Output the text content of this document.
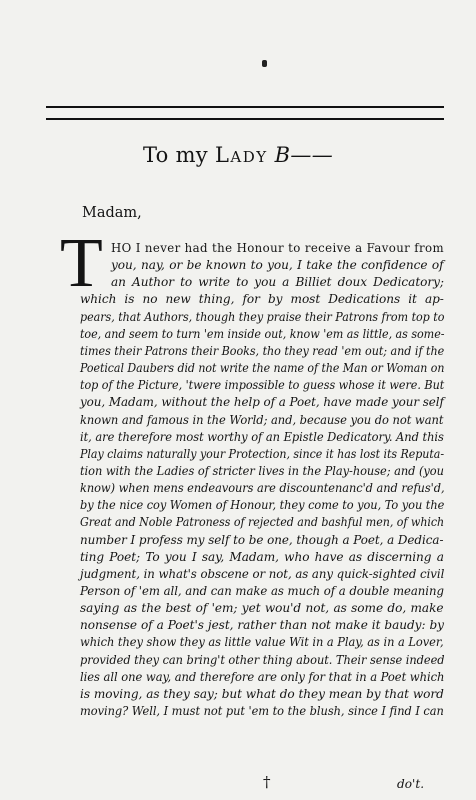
To my Lady B——
Madam,
T HO I never had the Honour to receive a Favour from
you, nay, or be known to you, I take the confidence of
an Author to write to you a Billiet doux Dedicatory;
which is no new thing, for by most Dedications it ap-
pears, that Authors, though they praise their Patrons from top to
toe, and seem to turn 'em inside out, know 'em as little, as some-
times their Patrons their Books, tho they read 'em out; and if the
Poetical Daubers did not write the name of the Man or Woman on
top of the Picture, 'twere impossible to guess whose it were. But
you, Madam, without the help of a Poet, have made your self
known and famous in the World; and, because you do not want
it, are therefore most worthy of an Epistle Dedicatory. And this
Play claims naturally your Protection, since it has lost its Reputa-
tion with the Ladies of stricter lives in the Play-house; and (you
know) when mens endeavours are discountenanc'd and refus'd,
by the nice coy Women of Honour, they come to you, To you the
Great and Noble Patroness of rejected and bashful men, of which
number I profess my self to be one, though a Poet, a Dedica-
ting Poet; To you I say, Madam, who have as discerning a
judgment, in what's obscene or not, as any quick-sighted civil
Person of 'em all, and can make as much of a double meaning
saying as the best of 'em; yet wou'd not, as some do, make
nonsense of a Poet's jest, rather than not make it baudy: by
which they show they as little value Wit in a Play, as in a Lover,
provided they can bring't other thing about. Their sense indeed
lies all one way, and therefore are only for that in a Poet which
is moving, as they say; but what do they mean by that word
moving? Well, I must not put 'em to the blush, since I find I can
†	do't.
